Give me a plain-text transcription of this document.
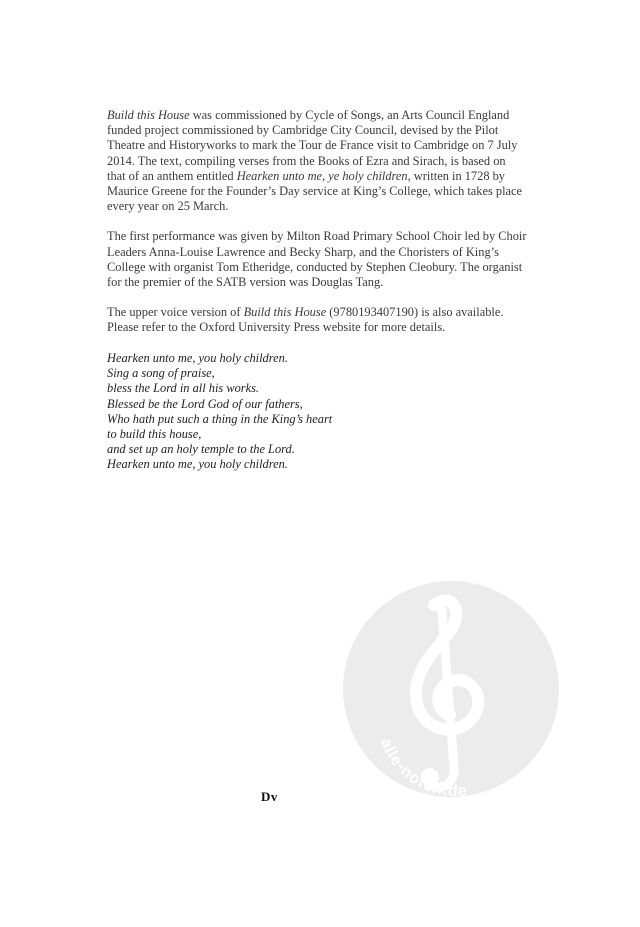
Build this House was commissioned by Cycle of Songs, an Arts Council England funded project commissioned by Cambridge City Council, devised by the Pilot Theatre and Historyworks to mark the Tour de France visit to Cambridge on 7 July 2014. The text, compiling verses from the Books of Ezra and Sirach, is based on that of an anthem entitled Hearken unto me, ye holy children, written in 1728 by Maurice Greene for the Founder’s Day service at King’s College, which takes place every year on 25 March.

The first performance was given by Milton Road Primary School Choir led by Choir Leaders Anna-Louise Lawrence and Becky Sharp, and the Choristers of King’s College with organist Tom Etheridge, conducted by Stephen Cleobury. The organist for the premier of the SATB version was Douglas Tang.

The upper voice version of Build this House (9780193407190) is also available. Please refer to the Oxford University Press website for more details.

Hearken unto me, you holy children.
Sing a song of praise,
bless the Lord in all his works.
Blessed be the Lord God of our fathers,
Who hath put such a thing in the King’s heart
to build this house,
and set up an holy temple to the Lord.
Hearken unto me, you holy children.
alle-noten.de
Dv
